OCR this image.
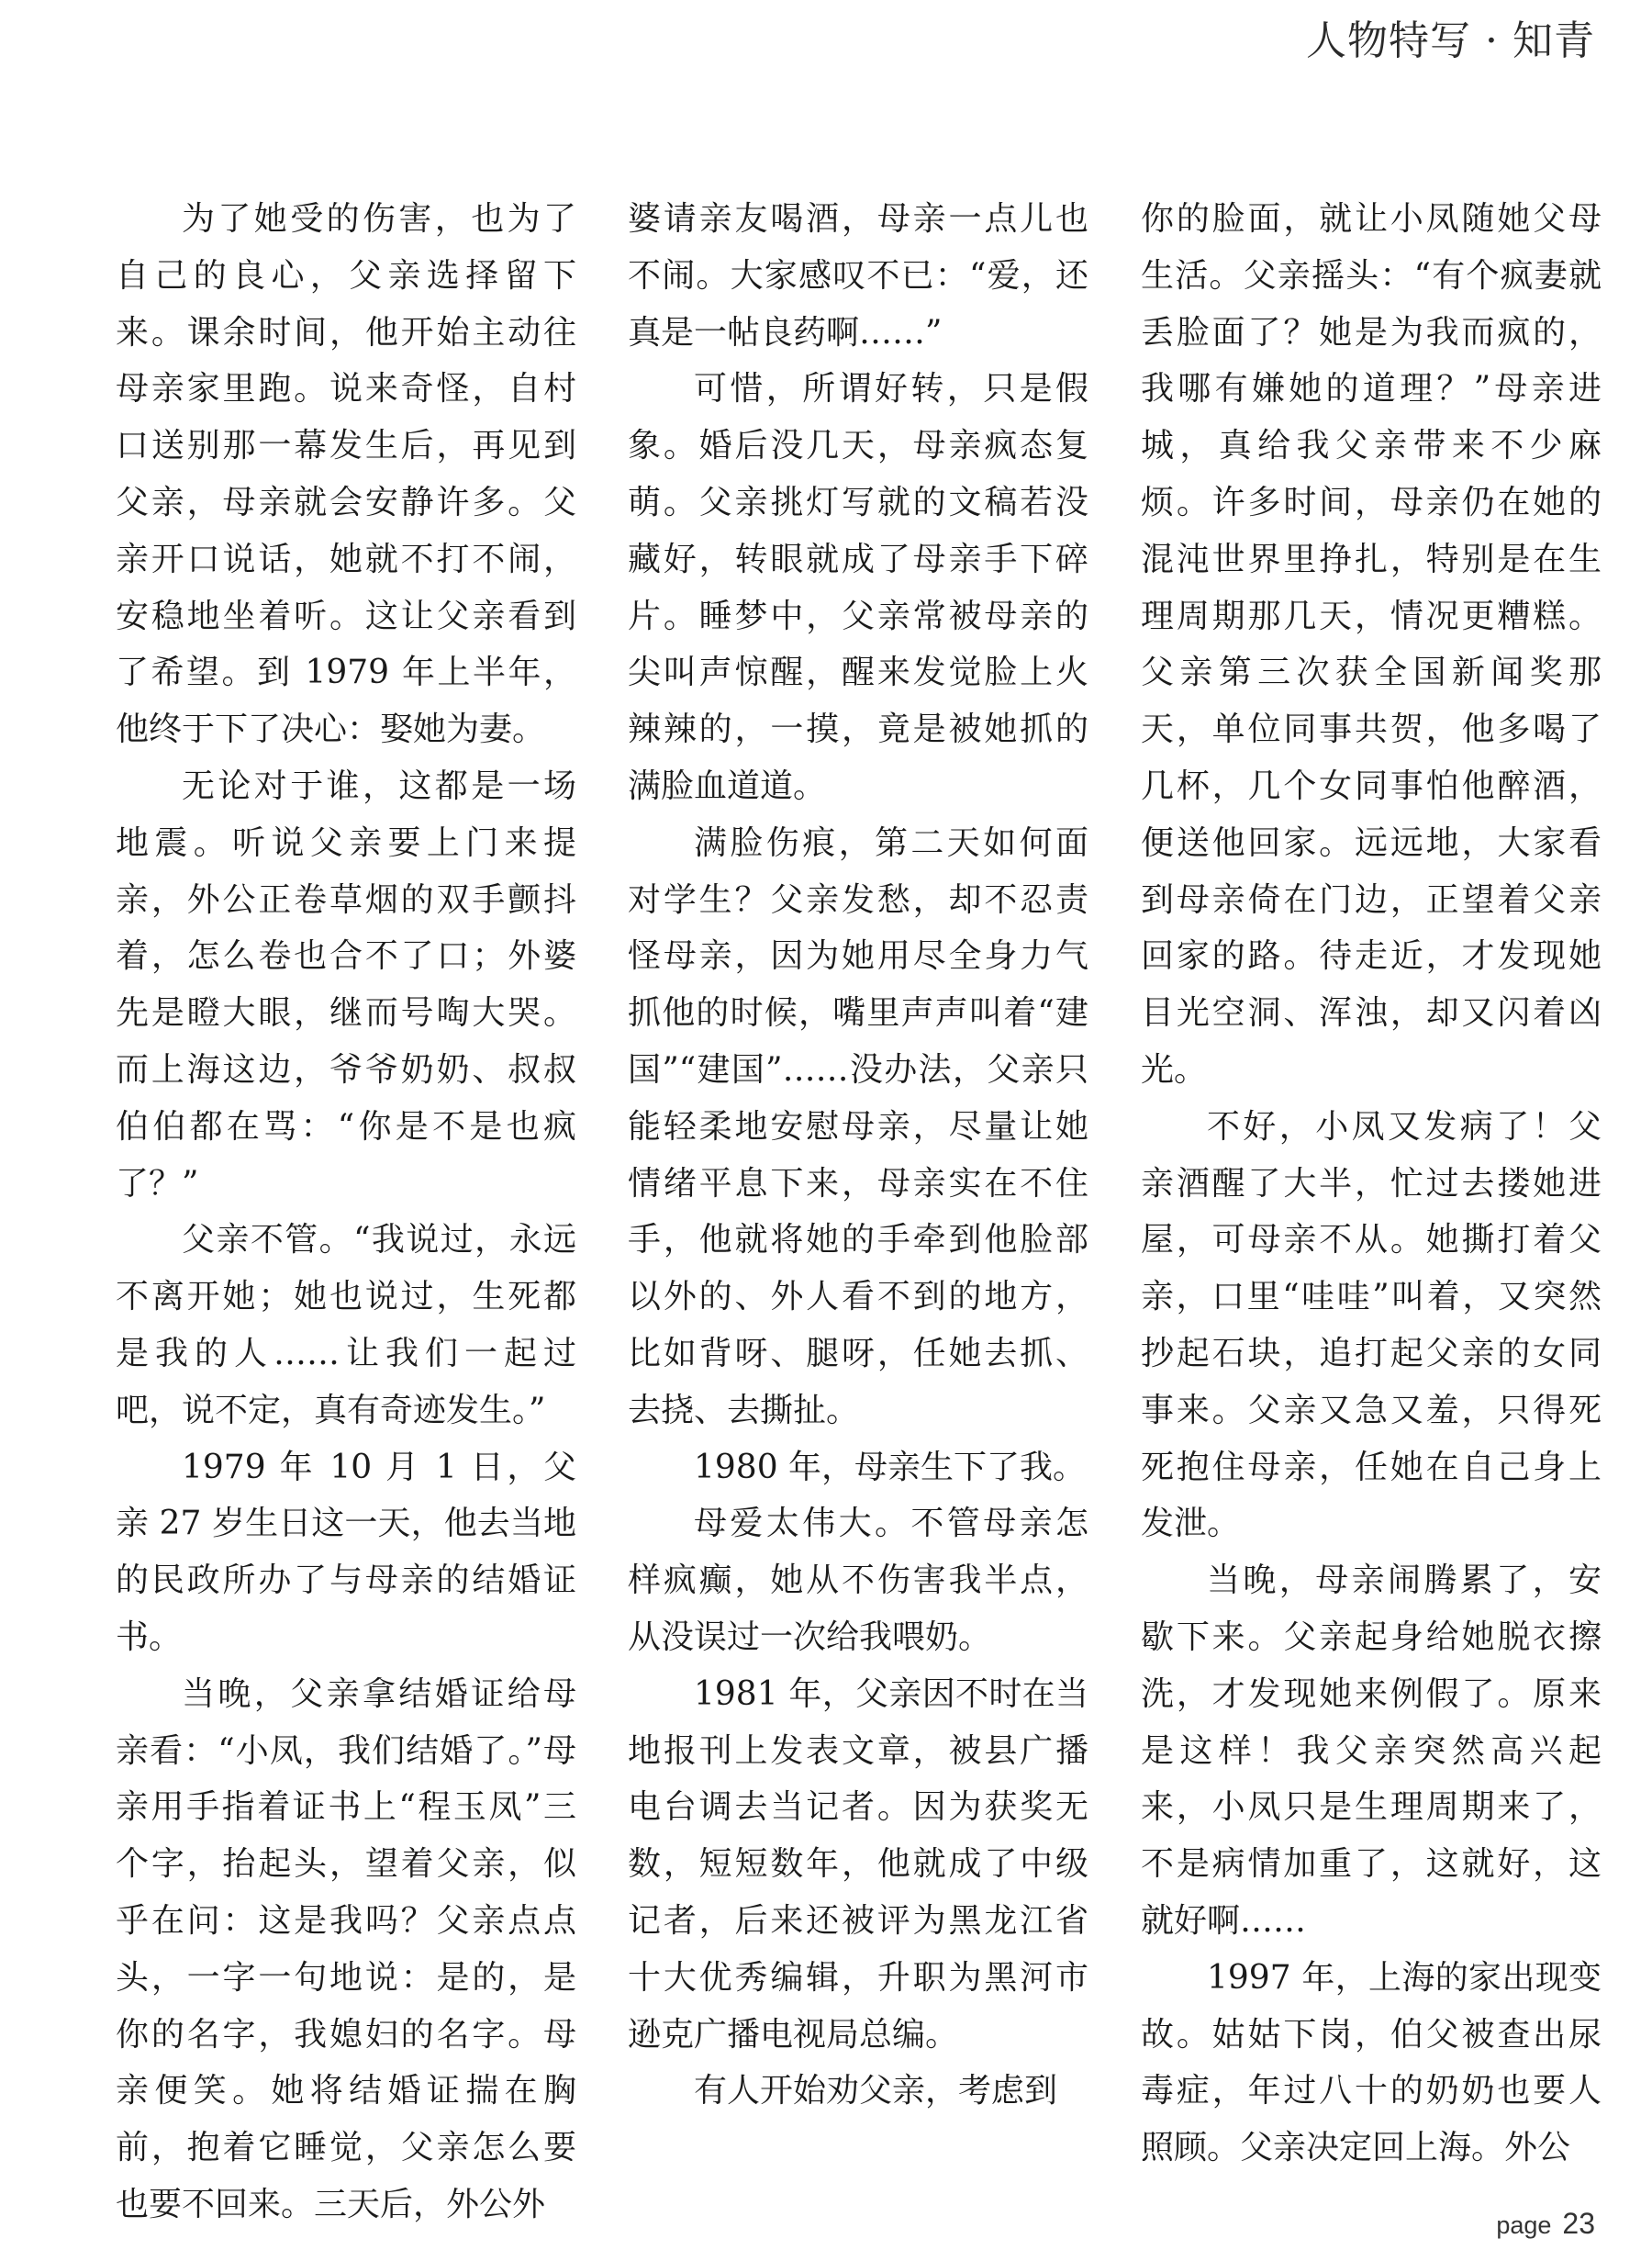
人物特写 · 知青

为了她受的伤害，也为了自己的良心，父亲选择留下来。课余时间，他开始主动往母亲家里跑。说来奇怪，自村口送别那一幕发生后，再见到父亲，母亲就会安静许多。父亲开口说话，她就不打不闹，安稳地坐着听。这让父亲看到了希望。到 1979 年上半年，他终于下了决心：娶她为妻。

无论对于谁，这都是一场地震。听说父亲要上门来提亲，外公正卷草烟的双手颤抖着，怎么卷也合不了口；外婆先是瞪大眼，继而号啕大哭。而上海这边，爷爷奶奶、叔叔伯伯都在骂：“你是不是也疯了？”

父亲不管。“我说过，永远不离开她；她也说过，生死都是我的人……让我们一起过吧，说不定，真有奇迹发生。”

1979 年 10 月 1 日，父亲 27 岁生日这一天，他去当地的民政所办了与母亲的结婚证书。

当晚，父亲拿结婚证给母亲看：“小凤，我们结婚了。”母亲用手指着证书上“程玉凤”三个字，抬起头，望着父亲，似乎在问：这是我吗？父亲点点头，一字一句地说：是的，是你的名字，我媳妇的名字。母亲便笑。她将结婚证揣在胸前，抱着它睡觉，父亲怎么要也要不回来。三天后，外公外

婆请亲友喝酒，母亲一点儿也不闹。大家感叹不已：“爱，还真是一帖良药啊……”

可惜，所谓好转，只是假象。婚后没几天，母亲疯态复萌。父亲挑灯写就的文稿若没藏好，转眼就成了母亲手下碎片。睡梦中，父亲常被母亲的尖叫声惊醒，醒来发觉脸上火辣辣的，一摸，竟是被她抓的满脸血道道。

满脸伤痕，第二天如何面对学生？父亲发愁，却不忍责怪母亲，因为她用尽全身力气抓他的时候，嘴里声声叫着“建国”“建国”……没办法，父亲只能轻柔地安慰母亲，尽量让她情绪平息下来，母亲实在不住手，他就将她的手牵到他脸部以外的、外人看不到的地方，比如背呀、腿呀，任她去抓、去挠、去撕扯。

1980 年，母亲生下了我。

母爱太伟大。不管母亲怎样疯癫，她从不伤害我半点，从没误过一次给我喂奶。

1981 年，父亲因不时在当地报刊上发表文章，被县广播电台调去当记者。因为获奖无数，短短数年，他就成了中级记者，后来还被评为黑龙江省十大优秀编辑，升职为黑河市逊克广播电视局总编。

有人开始劝父亲，考虑到

你的脸面，就让小凤随她父母生活。父亲摇头：“有个疯妻就丢脸面了？她是为我而疯的，我哪有嫌她的道理？”母亲进城，真给我父亲带来不少麻烦。许多时间，母亲仍在她的混沌世界里挣扎，特别是在生理周期那几天，情况更糟糕。父亲第三次获全国新闻奖那天，单位同事共贺，他多喝了几杯，几个女同事怕他醉酒，便送他回家。远远地，大家看到母亲倚在门边，正望着父亲回家的路。待走近，才发现她目光空洞、浑浊，却又闪着凶光。

不好，小凤又发病了！父亲酒醒了大半，忙过去搂她进屋，可母亲不从。她撕打着父亲，口里“哇哇”叫着，又突然抄起石块，追打起父亲的女同事来。父亲又急又羞，只得死死抱住母亲，任她在自己身上发泄。

当晚，母亲闹腾累了，安歇下来。父亲起身给她脱衣擦洗，才发现她来例假了。原来是这样！我父亲突然高兴起来，小凤只是生理周期来了，不是病情加重了，这就好，这就好啊……

1997 年，上海的家出现变故。姑姑下岗，伯父被查出尿毒症，年过八十的奶奶也要人照顾。父亲决定回上海。外公

page 23
